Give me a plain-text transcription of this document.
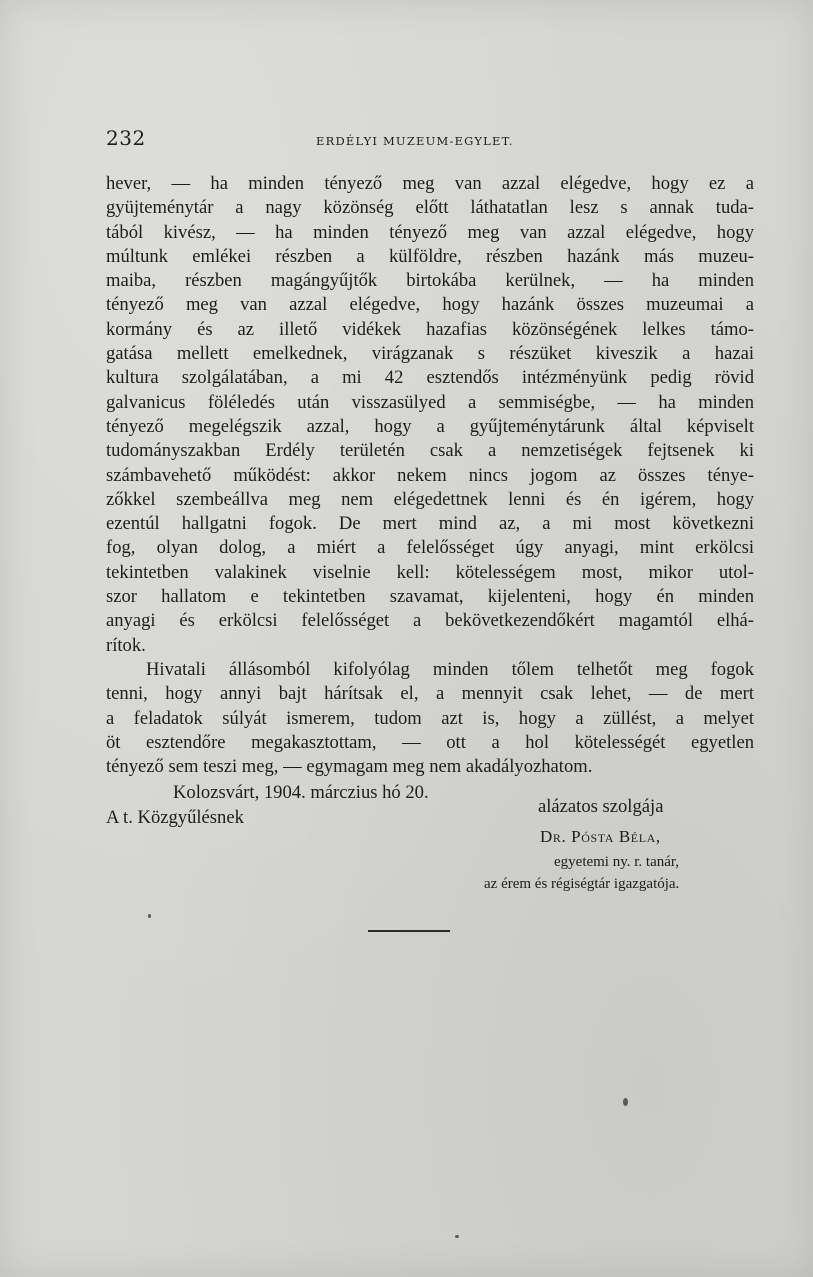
232	ERDÉLYI MUZEUM-EGYLET.
hever, — ha minden tényező meg van azzal elégedve, hogy ez a
gyüjteménytár a nagy közönség előtt láthatatlan lesz s annak tuda-
tából kivész, — ha minden tényező meg van azzal elégedve, hogy
múltunk emlékei részben a külföldre, részben hazánk más muzeu-
maiba, részben magángyűjtők birtokába kerülnek, — ha minden
tényező meg van azzal elégedve, hogy hazánk összes muzeumai a
kormány és az illető vidékek hazafias közönségének lelkes támo-
gatása mellett emelkednek, virágzanak s részüket kiveszik a hazai
kultura szolgálatában, a mi 42 esztendős intézményünk pedig rövid
galvanicus föléledés után visszasülyed a semmiségbe, — ha minden
tényező megelégszik azzal, hogy a gyűjteménytárunk által képviselt
tudományszakban Erdély területén csak a nemzetiségek fejtsenek ki
számbavehető működést: akkor nekem nincs jogom az összes ténye-
zőkkel szembeállva meg nem elégedettnek lenni és én igérem, hogy
ezentúl hallgatni fogok. De mert mind az, a mi most következni
fog, olyan dolog, a miért a felelősséget úgy anyagi, mint erkölcsi
tekintetben valakinek viselnie kell: kötelességem most, mikor utol-
szor hallatom e tekintetben szavamat, kijelenteni, hogy én minden
anyagi és erkölcsi felelősséget a bekövetkezendőkért magamtól elhá-
rítok.
Hivatali állásomból kifolyólag minden tőlem telhetőt meg fogok
tenni, hogy annyi bajt hárítsak el, a mennyit csak lehet, — de mert
a feladatok súlyát ismerem, tudom azt is, hogy a züllést, a melyet
öt esztendőre megakasztottam, — ott a hol kötelességét egyetlen
tényező sem teszi meg, — egymagam meg nem akadályozhatom.
Kolozsvárt, 1904. márczius hó 20.
A t. Közgyűlésnek
alázatos szolgája
Dr. Pósta Béla,
egyetemi ny. r. tanár,
az érem és régiségtár igazgatója.
